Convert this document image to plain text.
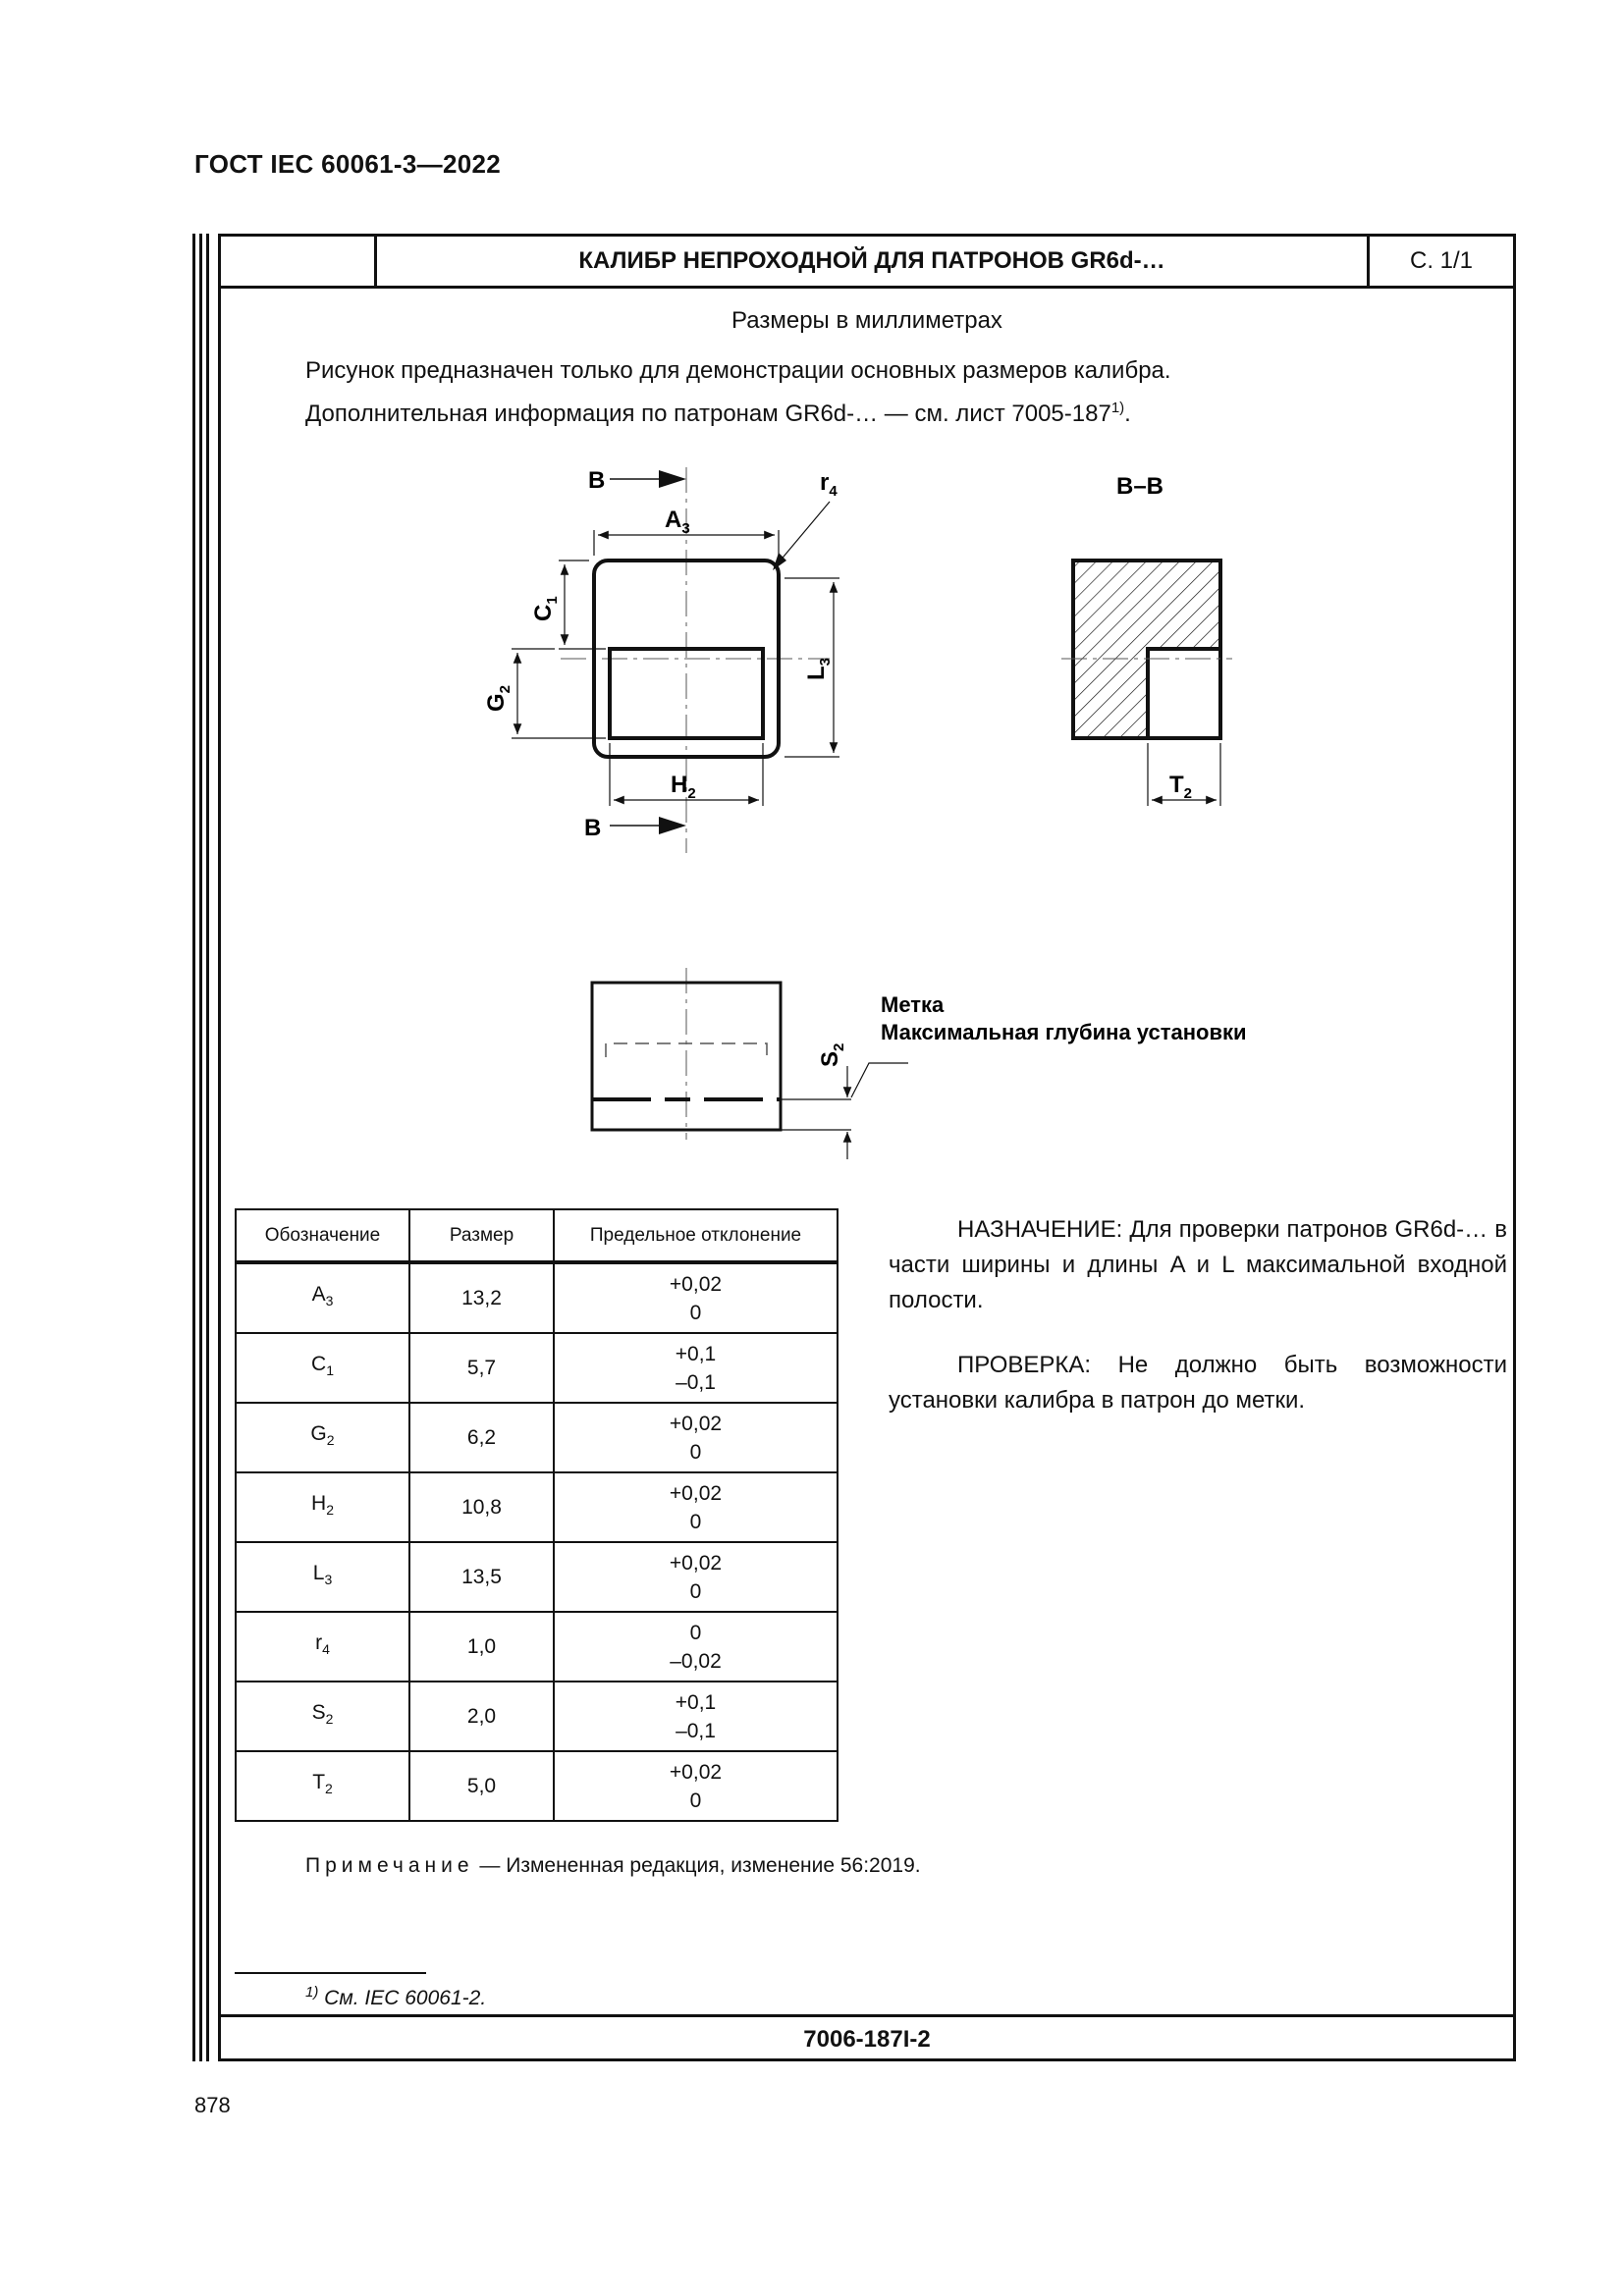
ГОСТ IEC 60061-3—2022
КАЛИБР НЕПРОХОДНОЙ ДЛЯ ПАТРОНОВ GR6d-…	С. 1/1
Размеры в миллиметрах
Рисунок предназначен только для демонстрации основных размеров калибра.
Дополнительная информация по патронам GR6d-… — см. лист 7005-187$^{1)}$.
$A_3$
B	$r_4$
$C_1$
$G_2$
$L_3$
$H_2$
B
B–B
$T_2$
$S_2$
Метка
Максимальная глубина установки
Обозначение	Размер	Предельное отклонение
$A_3$	13,2	+0,02
0

$C_1$	5,7	+0,1
–0,1

$G_2$	6,2	+0,02
0

$H_2$	10,8	+0,02
0

$L_3$	13,5	+0,02
0

$r_4$	1,0	0
–0,02

$S_2$	2,0	+0,1
–0,1

$T_2$	5,0	+0,02
0

НАЗНАЧЕНИЕ: Для проверки патронов GR6d-… в части ширины и длины A и L максимальной входной полости.

ПРОВЕРКА: Не должно быть возможности установки калибра в патрон до метки.

Примечание — Измененная редакция, изменение 56:2019.
$^{1)}$ См. IEC 60061-2.
7006-187I-2
878
